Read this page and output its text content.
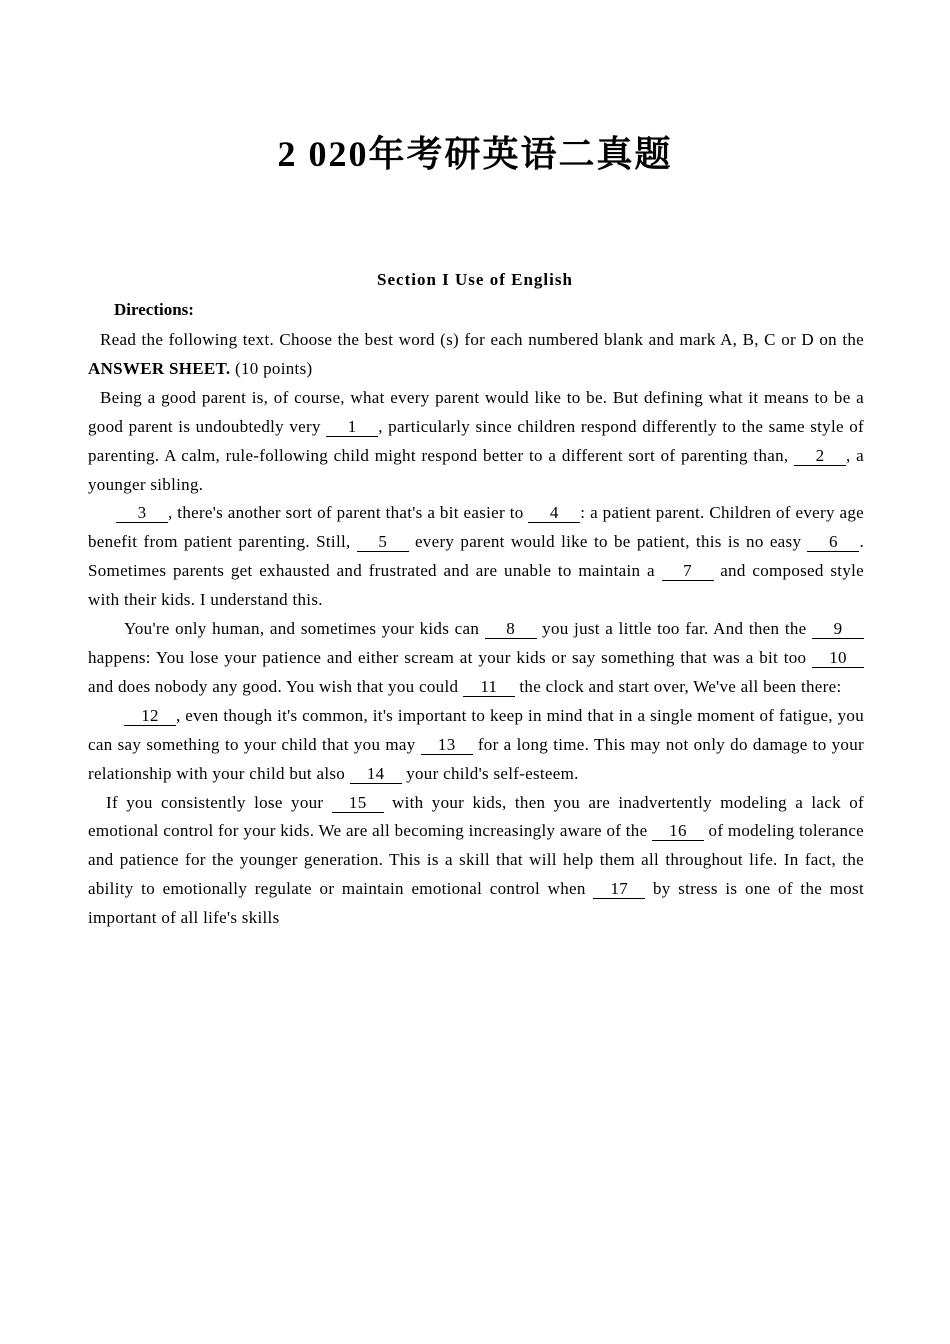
2 020年考研英语二真题
Section I Use of English
Directions:

Read the following text. Choose the best word (s) for each numbered blank and mark A, B, C or D on the ANSWER SHEET. (10 points)

Being a good parent is, of course, what every parent would like to be. But defining what it means to be a good parent is undoubtedly very 1 , particularly since children respond differently to the same style of parenting. A calm, rule-following child might respond better to a different sort of parenting than, 2 , a younger sibling.

3 , there's another sort of parent that's a bit easier to 4 : a patient parent. Children of every age benefit from patient parenting. Still, 5 every parent would like to be patient, this is no easy 6 . Sometimes parents get exhausted and frustrated and are unable to maintain a 7 and composed style with their kids. I understand this.

You're only human, and sometimes your kids can 8 you just a little too far. And then the 9 happens: You lose your patience and either scream at your kids or say something that was a bit too 10 and does nobody any good. You wish that you could 11 the clock and start over, We've all been there:

12 , even though it's common, it's important to keep in mind that in a single moment of fatigue, you can say something to your child that you may 13 for a long time. This may not only do damage to your relationship with your child but also 14 your child's self-esteem.

If you consistently lose your 15 with your kids, then you are inadvertently modeling a lack of emotional control for your kids. We are all becoming increasingly aware of the 16 of modeling tolerance and patience for the younger generation. This is a skill that will help them all throughout life. In fact, the ability to emotionally regulate or maintain emotional control when 17 by stress is one of the most important of all life's skills
